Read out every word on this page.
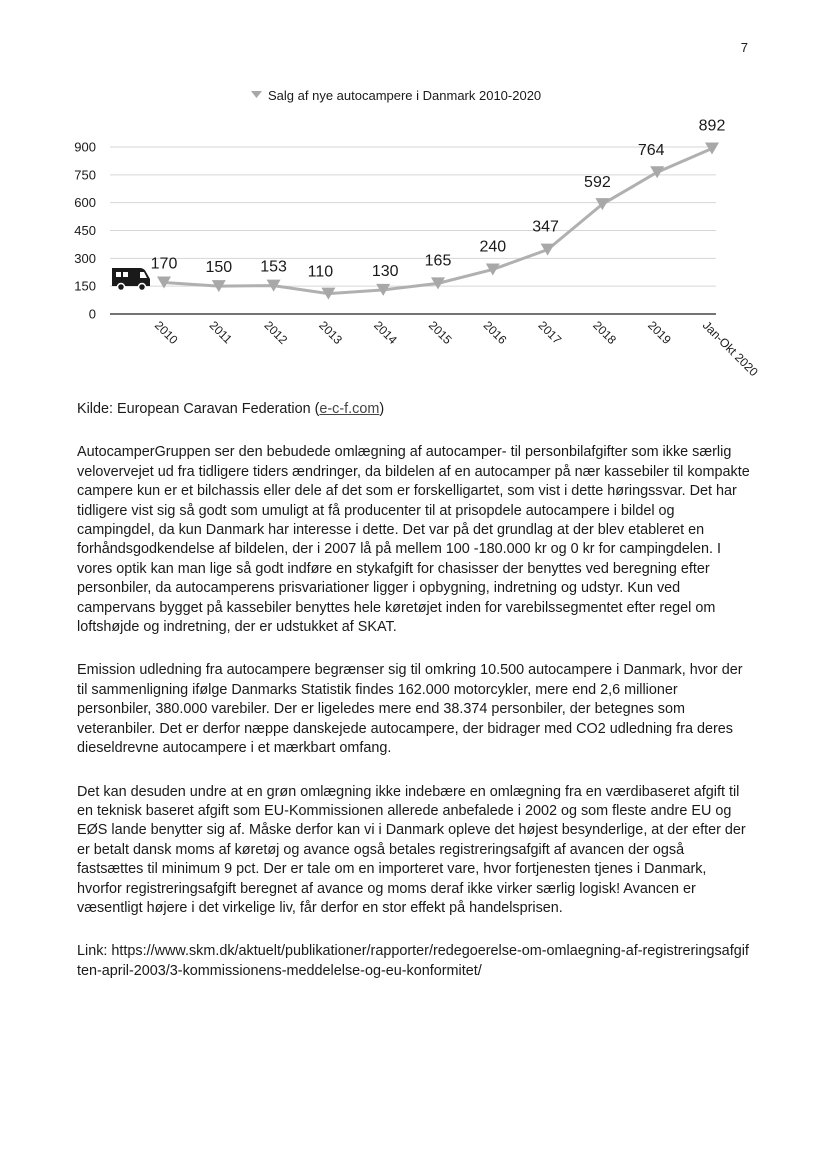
7
Salg af nye autocampere i Danmark 2010-2020
0
150
300
450
600
750
900
2010 2011 2012 2013 2014 2015 2016 2017 2018 2019 Jan-Okt 2020
170 150 153 110 130
165
240
347
592
764
892

Kilde: European Caravan Federation (e-c-f.com)

AutocamperGruppen ser den bebudede omlægning af autocamper- til personbilafgifter som ikke særlig velovervejet ud fra tidligere tiders ændringer, da bildelen af en autocamper på nær kassebiler til kompakte campere kun er et bilchassis eller dele af det som er forskelligartet, som vist i dette høringssvar. Det har tidligere vist sig så godt som umuligt at få producenter til at prisopdele autocampere i bildel og campingdel, da kun Danmark har interesse i dette. Det var på det grundlag at der blev etableret en forhåndsgodkendelse af bildelen, der i 2007 lå på mellem 100 -180.000 kr og 0 kr for campingdelen. I vores optik kan man lige så godt indføre en stykafgift for chasisser der benyttes ved beregning efter personbiler, da autocamperens prisvariationer ligger i opbygning, indretning og udstyr. Kun ved campervans bygget på kassebiler benyttes hele køretøjet inden for varebilssegmentet efter regel om loftshøjde og indretning, der er udstukket af SKAT.

Emission udledning fra autocampere begrænser sig til omkring 10.500 autocampere i Danmark, hvor der til sammenligning ifølge Danmarks Statistik findes 162.000 motorcykler, mere end 2,6 millioner personbiler, 380.000 varebiler. Der er ligeledes mere end 38.374 personbiler, der betegnes som veteranbiler. Det er derfor næppe danskejede autocampere, der bidrager med CO2 udledning fra deres dieseldrevne autocampere i et mærkbart omfang.

Det kan desuden undre at en grøn omlægning ikke indebære en omlægning fra en værdibaseret afgift til en teknisk baseret afgift som EU-Kommissionen allerede anbefalede i 2002 og som fleste andre EU og EØS lande benytter sig af. Måske derfor kan vi i Danmark opleve det højest besynderlige, at der efter der er betalt dansk moms af køretøj og avance også betales registreringsafgift af avancen der også fastsættes til minimum 9 pct. Der er tale om en importeret vare, hvor fortjenesten tjenes i Danmark, hvorfor registreringsafgift beregnet af avance og moms deraf ikke virker særlig logisk! Avancen er væsentligt højere i det virkelige liv, får derfor en stor effekt på handelsprisen.

Link: https://www.skm.dk/aktuelt/publikationer/rapporter/redegoerelse-om-omlaegning-af-registreringsafgiften-april-2003/3-kommissionens-meddelelse-og-eu-konformitet/
